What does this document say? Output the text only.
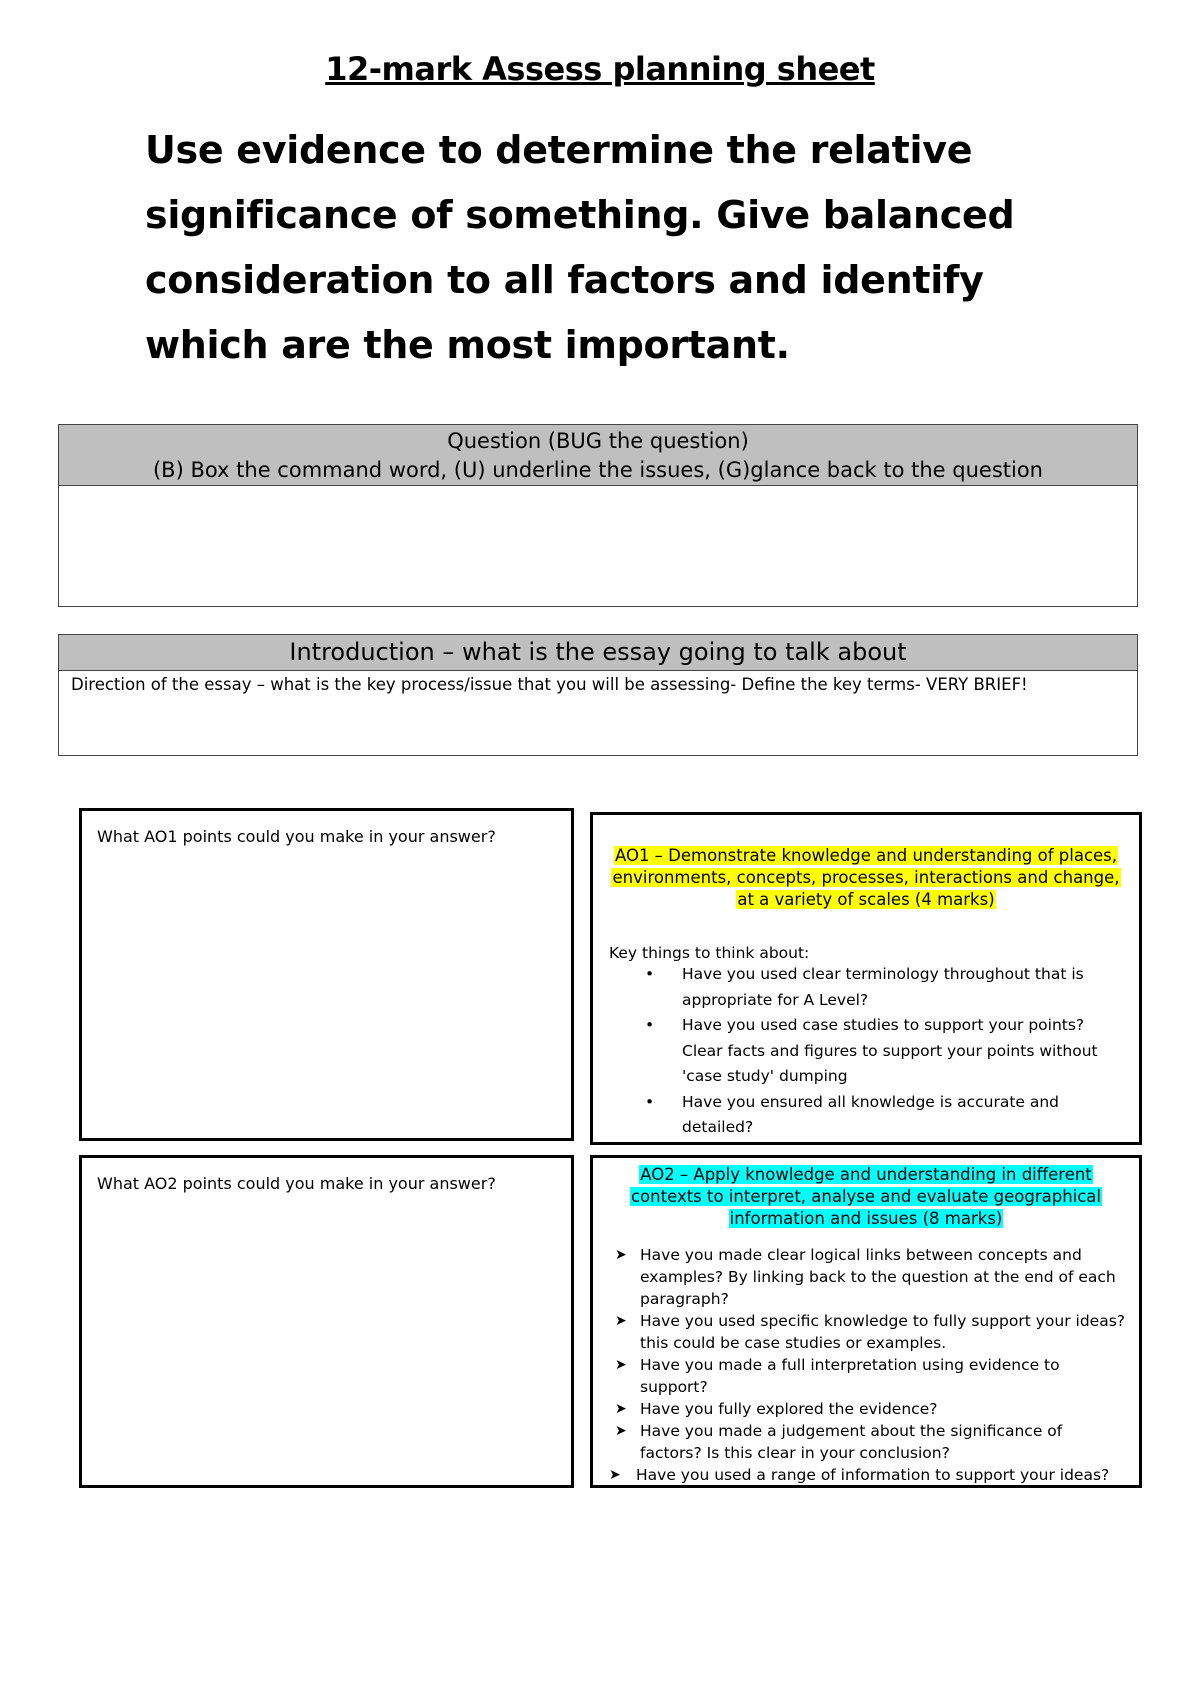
12-mark Assess planning sheet
Use evidence to determine the relative significance of something. Give balanced consideration to all factors and identify which are the most important.
Question (BUG the question)
(B) Box the command word, (U) underline the issues, (G)glance back to the question
Introduction – what is the essay going to talk about
Direction of the essay – what is the key process/issue that you will be assessing- Define the key terms- VERY BRIEF!
What AO1 points could you make in your answer?
AO1 – Demonstrate knowledge and understanding of places, environments, concepts, processes, interactions and change, at a variety of scales (4 marks)
Key things to think about:
• Have you used clear terminology throughout that is appropriate for A Level?
• Have you used case studies to support your points? Clear facts and figures to support your points without 'case study' dumping
• Have you ensured all knowledge is accurate and detailed?
What AO2 points could you make in your answer?	AO2 – Apply knowledge and understanding in different contexts to interpret, analyse and evaluate geographical information and issues (8 marks)
➤ Have you made clear logical links between concepts and examples? By linking back to the question at the end of each paragraph?
➤ Have you used specific knowledge to fully support your ideas? this could be case studies or examples.
➤ Have you made a full interpretation using evidence to support?
➤ Have you fully explored the evidence?
➤ Have you made a judgement about the significance of factors? Is this clear in your conclusion?
➤ Have you used a range of information to support your ideas?
